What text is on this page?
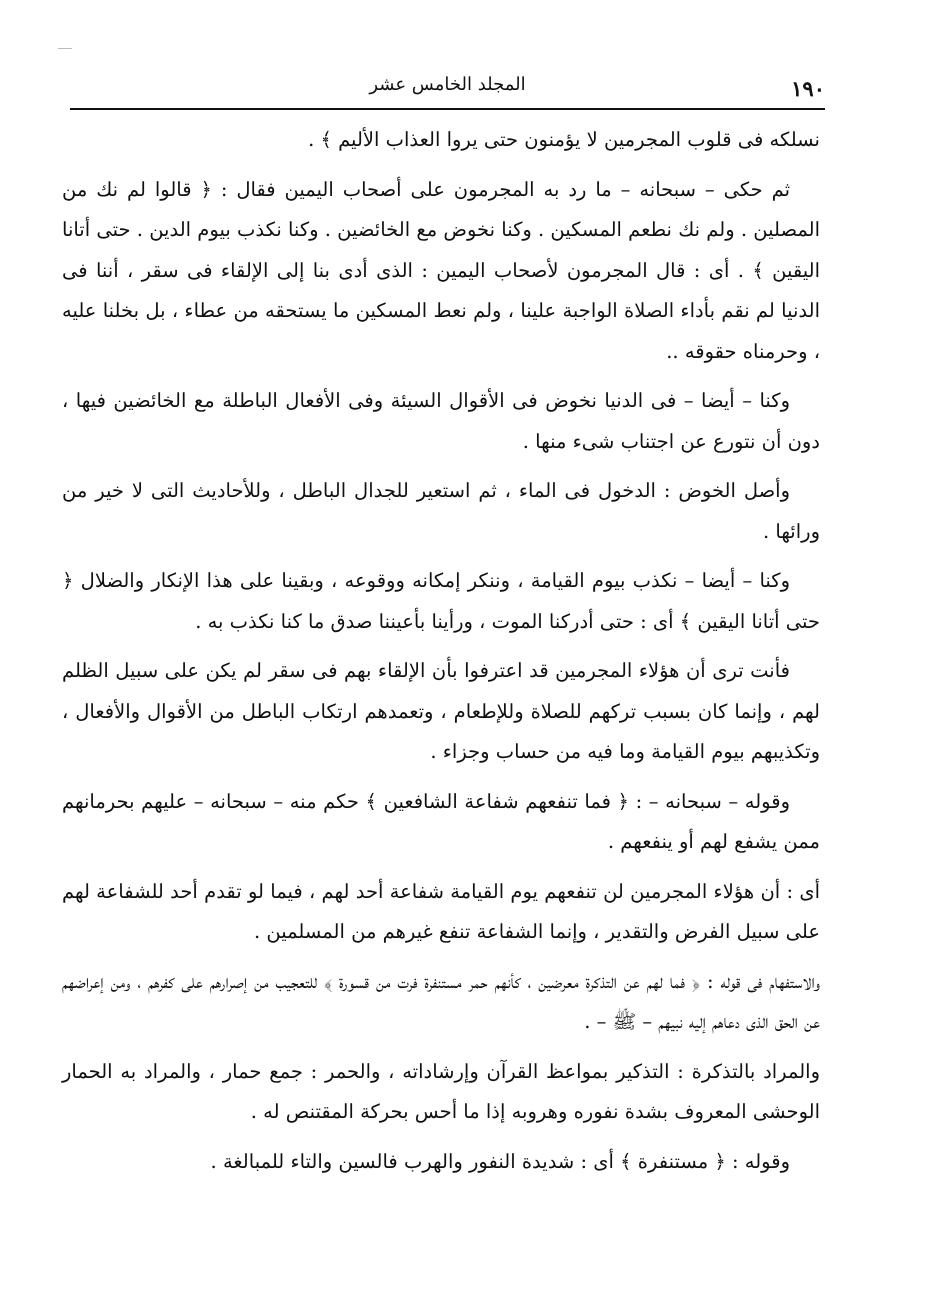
١٩٠
المجلد الخامس عشر

نسلكه فى قلوب المجرمين لا يؤمنون حتى يروا العذاب الأليم ﴾ .

ثم حكى – سبحانه – ما رد به المجرمون على أصحاب اليمين فقال : ﴿ قالوا لم نك من المصلين . ولم نك نطعم المسكين . وكنا نخوض مع الخائضين . وكنا نكذب بيوم الدين . حتى أتانا اليقين ﴾ . أى : قال المجرمون لأصحاب اليمين : الذى أدى بنا إلى الإلقاء فى سقر ، أننا فى الدنيا لم نقم بأداء الصلاة الواجبة علينا ، ولم نعط المسكين ما يستحقه من عطاء ، بل بخلنا عليه ، وحرمناه حقوقه ..

وكنا – أيضا – فى الدنيا نخوض فى الأقوال السيئة وفى الأفعال الباطلة مع الخائضين فيها ، دون أن نتورع عن اجتناب شىء منها .

وأصل الخوض : الدخول فى الماء ، ثم استعير للجدال الباطل ، وللأحاديث التى لا خير من ورائها .

وكنا – أيضا – نكذب بيوم القيامة ، وننكر إمكانه ووقوعه ، وبقينا على هذا الإنكار والضلال ﴿ حتى أتانا اليقين ﴾ أى : حتى أدركنا الموت ، ورأينا بأعيننا صدق ما كنا نكذب به .

فأنت ترى أن هؤلاء المجرمين قد اعترفوا بأن الإلقاء بهم فى سقر لم يكن على سبيل الظلم لهم ، وإنما كان بسبب تركهم للصلاة وللإطعام ، وتعمدهم ارتكاب الباطل من الأقوال والأفعال ، وتكذيبهم بيوم القيامة وما فيه من حساب وجزاء .

وقوله – سبحانه – : ﴿ فما تنفعهم شفاعة الشافعين ﴾ حكم منه – سبحانه – عليهم بحرمانهم ممن يشفع لهم أو ينفعهم .

أى : أن هؤلاء المجرمين لن تنفعهم يوم القيامة شفاعة أحد لهم ، فيما لو تقدم أحد للشفاعة لهم على سبيل الفرض والتقدير ، وإنما الشفاعة تنفع غيرهم من المسلمين .

والاستفهام فى قوله : ﴿ فما لهم عن التذكرة معرضين ، كأنهم حمر مستنفرة فرت من قسورة ﴾ للتعجيب من إصرارهم على كفرهم ، ومن إعراضهم عن الحق الذى دعاهم إليه نبيهم – ﷺ – .

والمراد بالتذكرة : التذكير بمواعظ القرآن وإرشاداته ، والحمر : جمع حمار ، والمراد به الحمار الوحشى المعروف بشدة نفوره وهروبه إذا ما أحس بحركة المقتنص له .

وقوله : ﴿ مستنفرة ﴾ أى : شديدة النفور والهرب فالسين والتاء للمبالغة .
